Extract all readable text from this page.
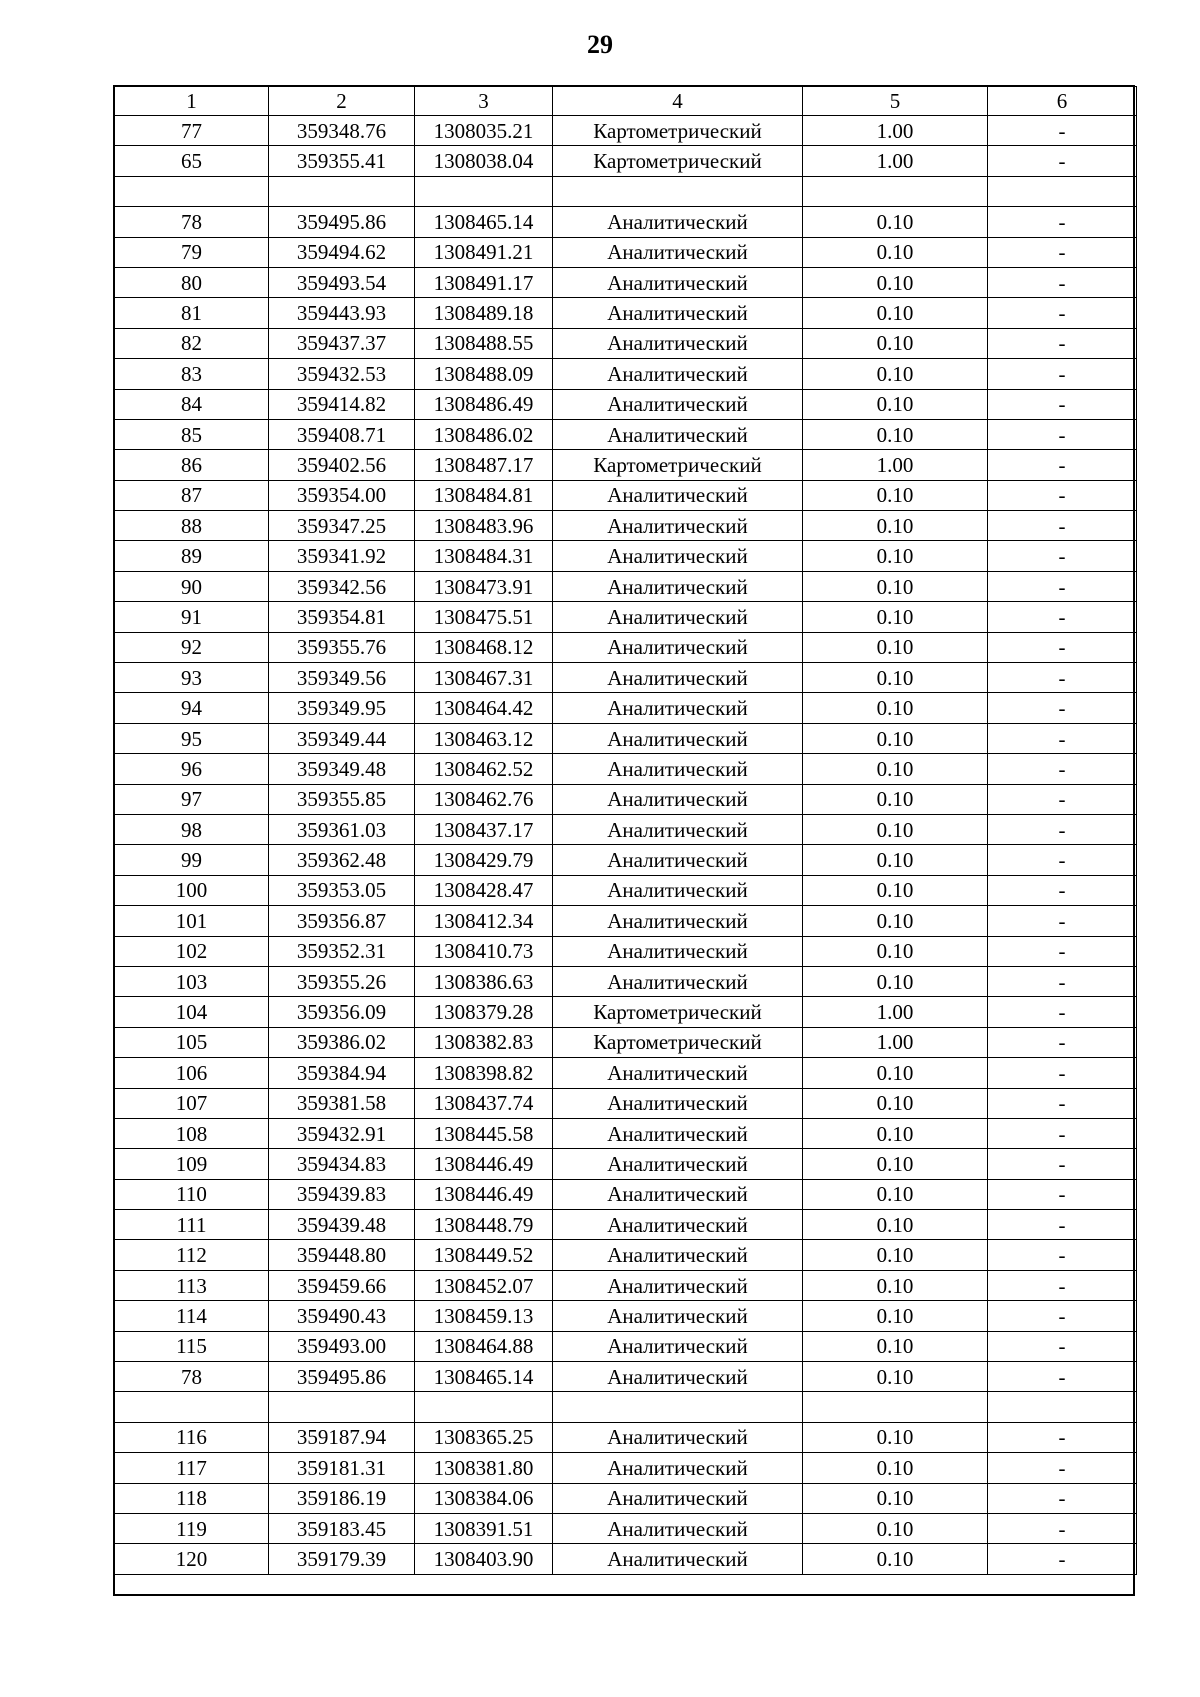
29
1	2	3	4	5	6
77	359348.76	1308035.21	Картометрический	1.00	-
65	359355.41	1308038.04	Картометрический	1.00	-

78	359495.86	1308465.14	Аналитический	0.10	-
79	359494.62	1308491.21	Аналитический	0.10	-
80	359493.54	1308491.17	Аналитический	0.10	-
81	359443.93	1308489.18	Аналитический	0.10	-
82	359437.37	1308488.55	Аналитический	0.10	-
83	359432.53	1308488.09	Аналитический	0.10	-
84	359414.82	1308486.49	Аналитический	0.10	-
85	359408.71	1308486.02	Аналитический	0.10	-
86	359402.56	1308487.17	Картометрический	1.00	-
87	359354.00	1308484.81	Аналитический	0.10	-
88	359347.25	1308483.96	Аналитический	0.10	-
89	359341.92	1308484.31	Аналитический	0.10	-
90	359342.56	1308473.91	Аналитический	0.10	-
91	359354.81	1308475.51	Аналитический	0.10	-
92	359355.76	1308468.12	Аналитический	0.10	-
93	359349.56	1308467.31	Аналитический	0.10	-
94	359349.95	1308464.42	Аналитический	0.10	-
95	359349.44	1308463.12	Аналитический	0.10	-
96	359349.48	1308462.52	Аналитический	0.10	-
97	359355.85	1308462.76	Аналитический	0.10	-
98	359361.03	1308437.17	Аналитический	0.10	-
99	359362.48	1308429.79	Аналитический	0.10	-
100	359353.05	1308428.47	Аналитический	0.10	-
101	359356.87	1308412.34	Аналитический	0.10	-
102	359352.31	1308410.73	Аналитический	0.10	-
103	359355.26	1308386.63	Аналитический	0.10	-
104	359356.09	1308379.28	Картометрический	1.00	-
105	359386.02	1308382.83	Картометрический	1.00	-
106	359384.94	1308398.82	Аналитический	0.10	-
107	359381.58	1308437.74	Аналитический	0.10	-
108	359432.91	1308445.58	Аналитический	0.10	-
109	359434.83	1308446.49	Аналитический	0.10	-
110	359439.83	1308446.49	Аналитический	0.10	-
111	359439.48	1308448.79	Аналитический	0.10	-
112	359448.80	1308449.52	Аналитический	0.10	-
113	359459.66	1308452.07	Аналитический	0.10	-
114	359490.43	1308459.13	Аналитический	0.10	-
115	359493.00	1308464.88	Аналитический	0.10	-
78	359495.86	1308465.14	Аналитический	0.10	-

116	359187.94	1308365.25	Аналитический	0.10	-
117	359181.31	1308381.80	Аналитический	0.10	-
118	359186.19	1308384.06	Аналитический	0.10	-
119	359183.45	1308391.51	Аналитический	0.10	-
120	359179.39	1308403.90	Аналитический	0.10	-
